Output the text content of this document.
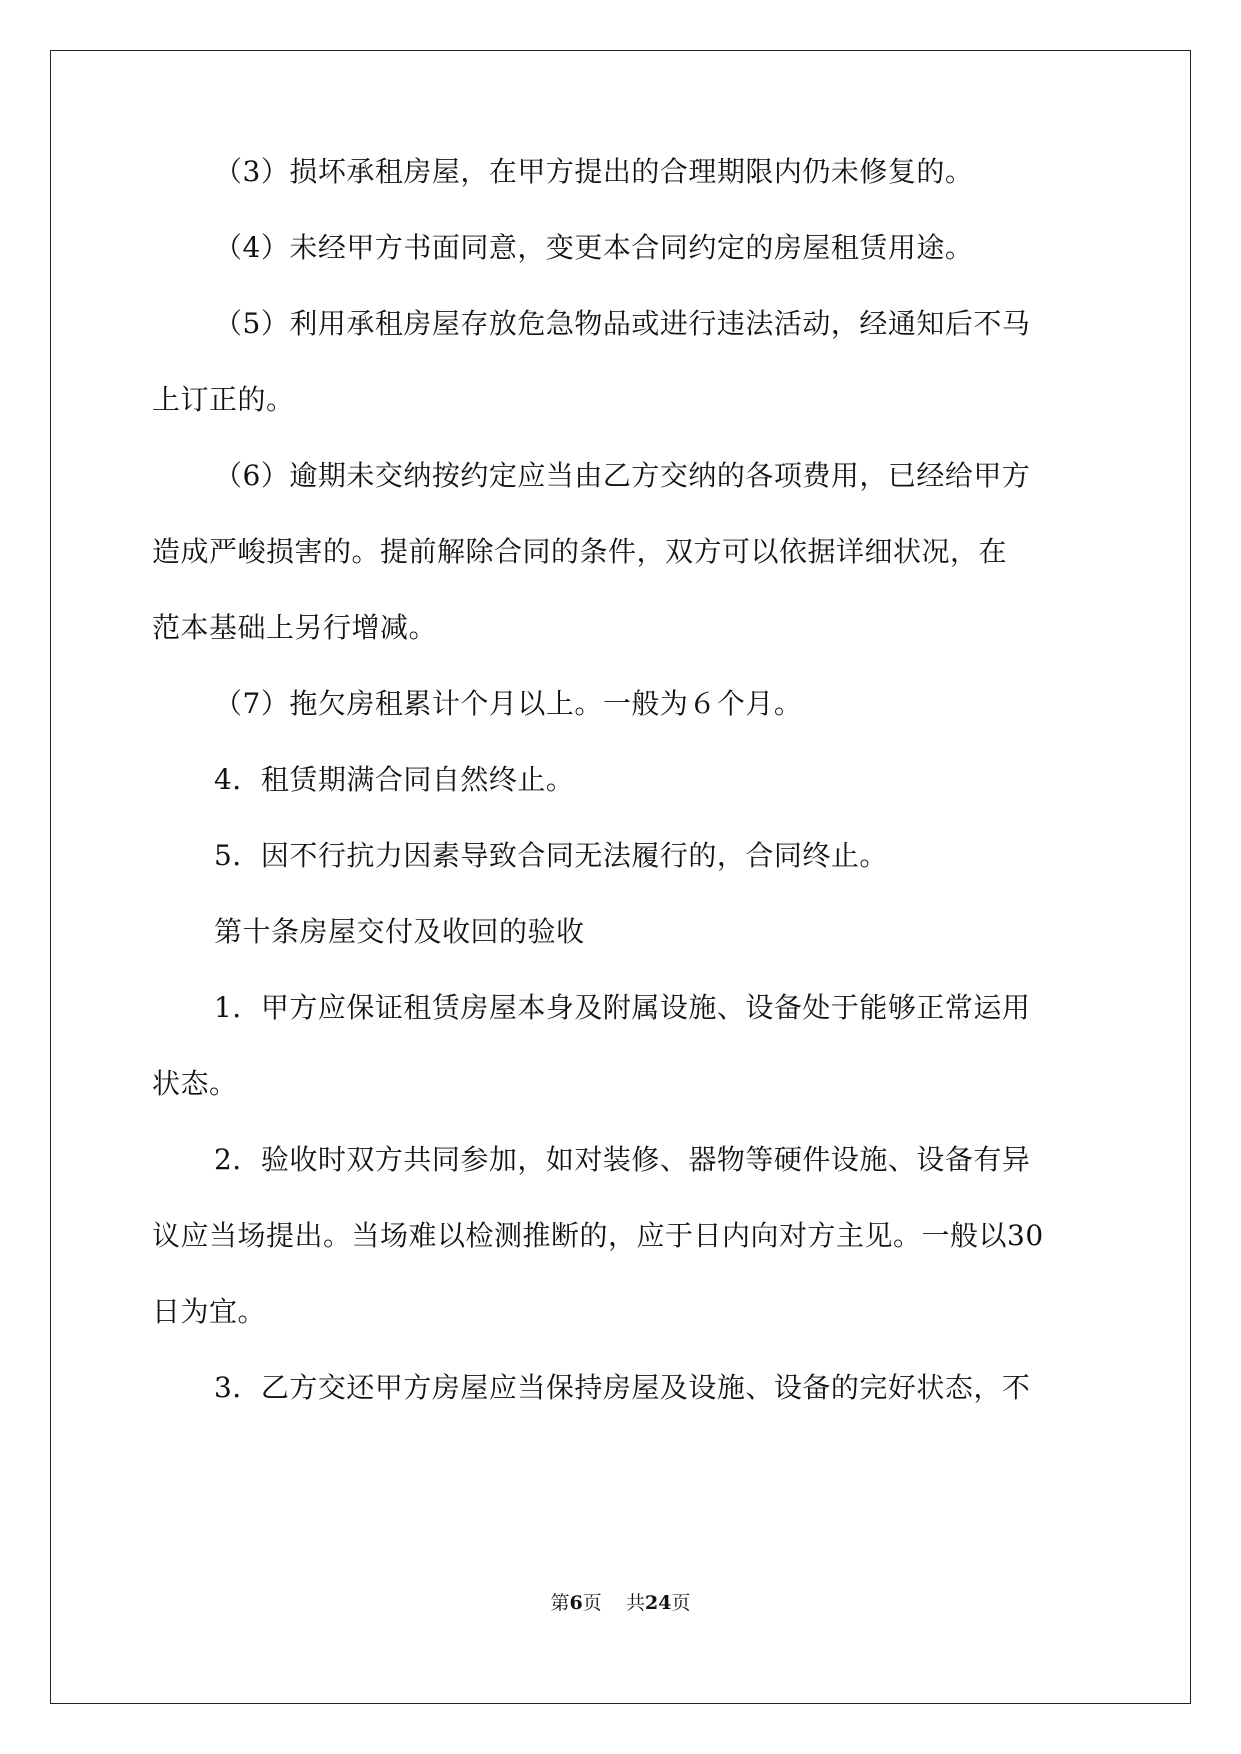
（3）损坏承租房屋，在甲方提出的合理期限内仍未修复的。
（4）未经甲方书面同意，变更本合同约定的房屋租赁用途。
（5）利用承租房屋存放危急物品或进行违法活动，经通知后不马
上订正的。
（6）逾期未交纳按约定应当由乙方交纳的各项费用，已经给甲方
造成严峻损害的。提前解除合同的条件，双方可以依据详细状况，在
范本基础上另行增减。
（7）拖欠房租累计个月以上。一般为６个月。
4．租赁期满合同自然终止。
5．因不行抗力因素导致合同无法履行的，合同终止。
第十条房屋交付及收回的验收
1．甲方应保证租赁房屋本身及附属设施、设备处于能够正常运用
状态。
2．验收时双方共同参加，如对装修、器物等硬件设施、设备有异
议应当场提出。当场难以检测推断的，应于日内向对方主见。一般以30
日为宜。
3．乙方交还甲方房屋应当保持房屋及设施、设备的完好状态，不
第6页 共24页
